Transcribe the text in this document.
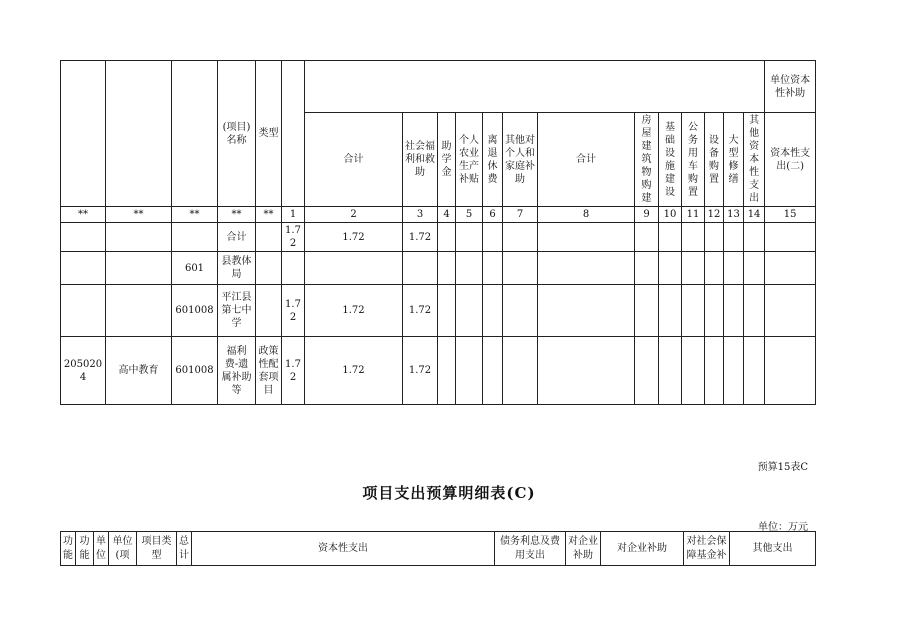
			(项目)名称	类型															单位资本性补助
						合计	社会福利和救助	助学金	个人农业生产补贴	离退休费	其他对个人和家庭补助	合计	房屋建筑物购建	基础设施建设	公务用车购置	设备购置	大型修缮	其他资本性支出	资本性支出(二)
**	**	**	**	**	1	2	3	4	5	6	7	8	9	10	11	12	13	14	15
			合计		1.72	1.72	1.72												
		601	县教体局																
		601008	平江县第七中学		1.72	1.72	1.72												
2050204	高中教育	601008	福利费-遗属补助等	政策性配套项目	1.72	1.72	1.72												
预算15表C
项目支出预算明细表(C)
单位：万元
功能	功能	单位	单位(项	项目类型	总计	资本性支出	债务利息及费用支出	对企业补助	对企业补助	对社会保障基金补	其他支出
